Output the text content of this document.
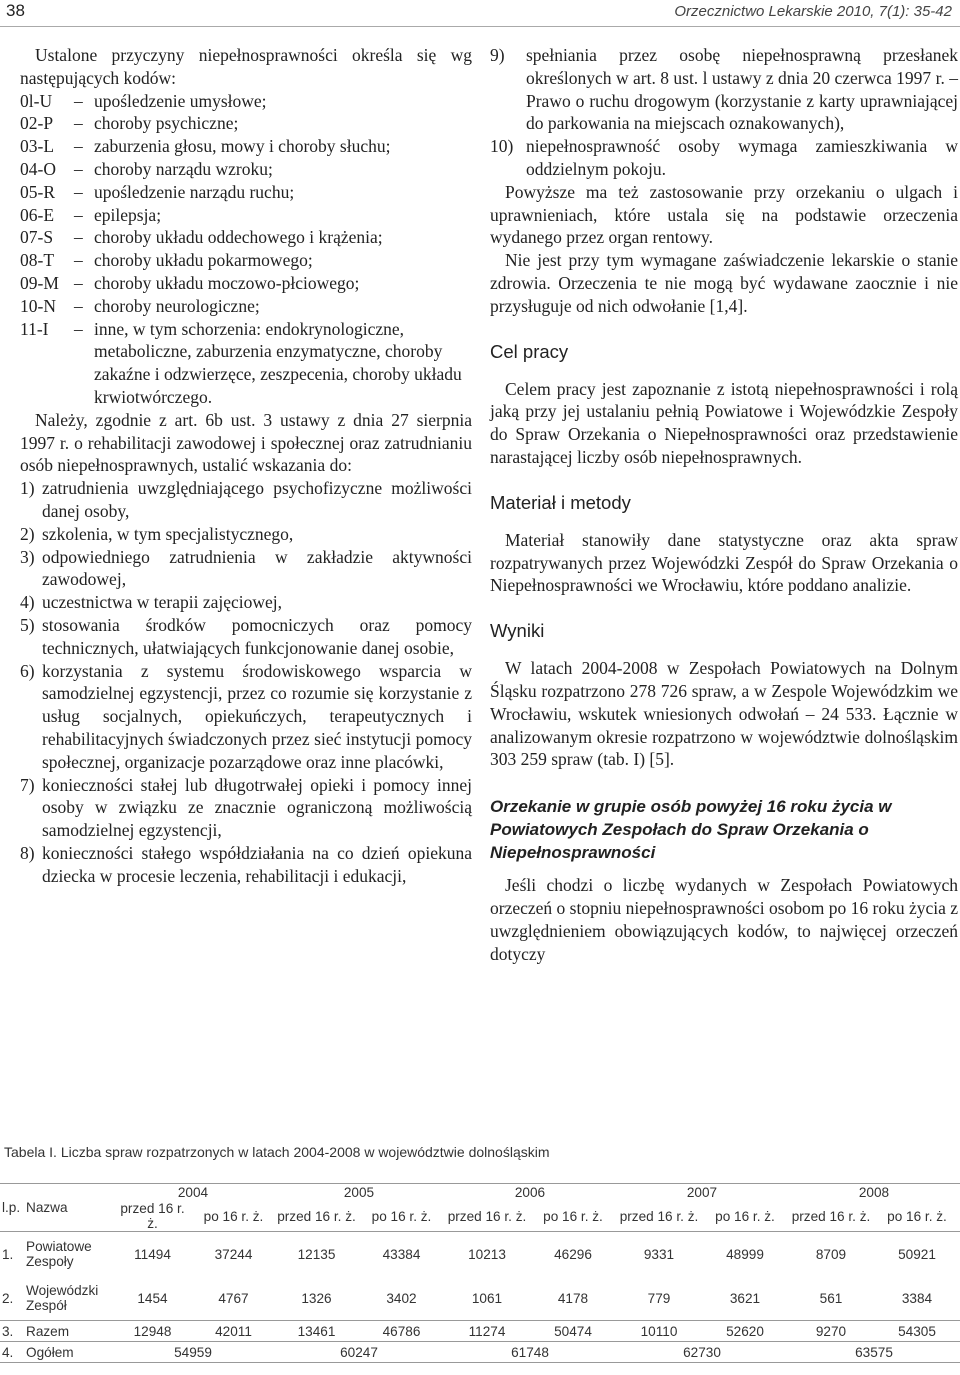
38	Orzecznictwo Lekarskie 2010, 7(1): 35-42

Ustalone przyczyny niepełnosprawności określa się wg następujących kodów:

0l-U	– upośledzenie umysłowe;
02-P	– choroby psychiczne;
03-L	– zaburzenia głosu, mowy i choroby słuchu;
04-O	– choroby narządu wzroku;
05-R	– upośledzenie narządu ruchu;
06-E	– epilepsja;
07-S	– choroby układu oddechowego i krążenia;
08-T	– choroby układu pokarmowego;
09-M – choroby układu moczowo-płciowego;
10-N	– choroby neurologiczne;
11-I	– inne, w tym schorzenia: endokrynologiczne, metaboliczne, zaburzenia enzymatyczne, choroby zakaźne i odzwierzęce, zeszpecenia, choroby układu krwiotwórczego.

Należy, zgodnie z art. 6b ust. 3 ustawy z dnia 27 sierpnia 1997 r. o rehabilitacji zawodowej i społecznej oraz zatrudnianiu osób niepełnosprawnych, ustalić wskazania do:

1) zatrudnienia uwzględniającego psychofizyczne możliwości danej osoby,
2) szkolenia, w tym specjalistycznego,
3) odpowiedniego zatrudnienia w zakładzie aktywności zawodowej,
4) uczestnictwa w terapii zajęciowej,
5) stosowania środków pomocniczych oraz pomocy technicznych, ułatwiających funkcjonowanie danej osobie,
6) korzystania z systemu środowiskowego wsparcia w samodzielnej egzystencji, przez co rozumie się korzystanie z usług socjalnych, opiekuńczych, terapeutycznych i rehabilitacyjnych świadczonych przez sieć instytucji pomocy społecznej, organizacje pozarządowe oraz inne placówki,
7) konieczności stałej lub długotrwałej opieki i pomocy innej osoby w związku ze znacznie ograniczoną możliwością samodzielnej egzystencji,
8) konieczności stałego współdziałania na co dzień opiekuna dziecka w procesie leczenia, rehabilitacji i edukacji,
9)	spełniania przez osobę niepełnosprawną przesłanek określonych w art. 8 ust. l ustawy z dnia 20 czerwca 1997 r. – Prawo o ruchu drogowym (korzystanie z karty uprawniającej do parkowania na miejscach oznakowanych),
10) niepełnosprawność osoby wymaga zamieszkiwania w oddzielnym pokoju.

Powyższe ma też zastosowanie przy orzekaniu o ulgach i uprawnieniach, które ustala się na podstawie orzeczenia wydanego przez organ rentowy.

Nie jest przy tym wymagane zaświadczenie lekarskie o stanie zdrowia. Orzeczenia te nie mogą być wydawane zaocznie i nie przysługuje od nich odwołanie [1,4].

Cel pracy

Celem pracy jest zapoznanie z istotą niepełnosprawności i rolą jaką przy jej ustalaniu pełnią Powiatowe i Wojewódzkie Zespoły do Spraw Orzekania o Niepełnosprawności oraz przedstawienie narastającej liczby osób niepełnosprawnych.

Materiał i metody

Materiał stanowiły dane statystyczne oraz akta spraw rozpatrywanych przez Wojewódzki Zespół do Spraw Orzekania o Niepełnosprawności we Wrocławiu, które poddano analizie.

Wyniki

W latach 2004-2008 w Zespołach Powiatowych na Dolnym Śląsku rozpatrzono 278 726 spraw, a w Zespole Wojewódzkim we Wrocławiu, wskutek wniesionych odwołań – 24 533. Łącznie w analizowanym okresie rozpatrzono w województwie dolnośląskim 303 259 spraw (tab. I) [5].

Orzekanie w grupie osób powyżej 16 roku życia w Powiatowych Zespołach do Spraw Orzekania o Niepełnosprawności

Jeśli chodzi o liczbę wydanych w Zespołach Powiatowych orzeczeń o stopniu niepełnosprawności osobom po 16 roku życia z uwzględnieniem obowiązujących kodów, to najwięcej orzeczeń dotyczy

Tabela I. Liczba spraw rozpatrzonych w latach 2004-2008 w województwie dolnośląskim
l.p.	Nazwa	2004		2005		2006		2007		2008	
		przed 16 r. ż.	po 16 r. ż.	przed 16 r. ż.	po 16 r. ż.	przed 16 r. ż.	po 16 r. ż.	przed 16 r. ż.	po 16 r. ż.	przed 16 r. ż.	po 16 r. ż.
1.	Powiatowe Zespoły	11494	37244	12135	43384	10213	46296	9331	48999	8709	50921
2.	Wojewódzki Zespół	1454	4767	1326	3402	1061	4178	779	3621	561	3384
3.	Razem	12948	42011	13461	46786	11274	50474	10110	52620	9270	54305
4.	Ogółem	54959		60247		61748		62730		63575	
